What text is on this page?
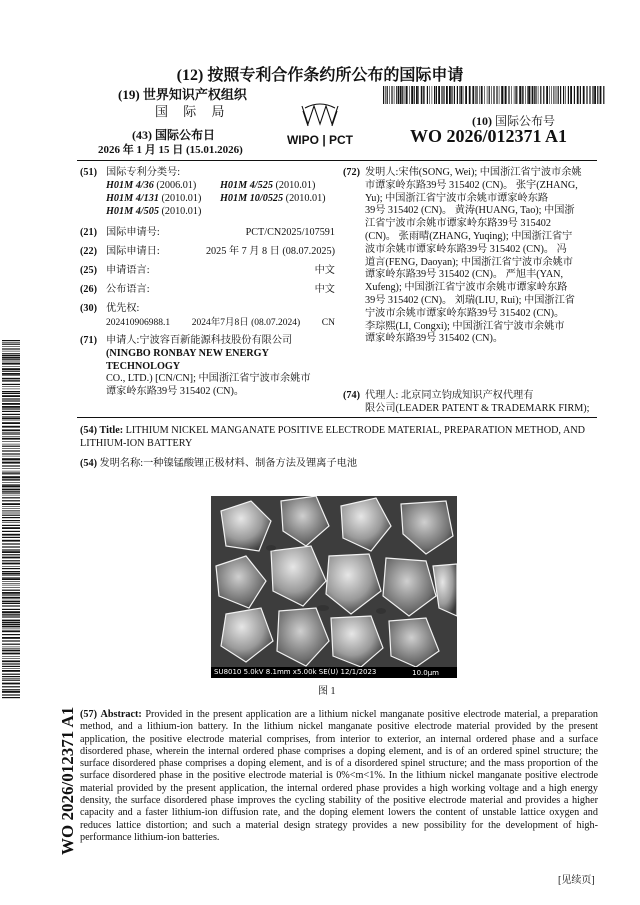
(12) 按照专利合作条约所公布的国际申请
(19) 世界知识产权组织
国 际 局
WIPO | PCT
(10) 国际公布号
WO 2026/012371 A1
(43) 国际公布日
2026 年 1 月 15 日 (15.01.2026)
(51) 国际专利分类号:
H01M 4/36 (2006.01)	H01M 4/525 (2010.01)
H01M 4/131 (2010.01)	H01M 10/0525 (2010.01)
H01M 4/505 (2010.01)
(21) 国际申请号:	PCT/CN2025/107591
(22) 国际申请日:	2025 年 7 月 8 日 (08.07.2025)
(25) 申请语言:	中文
(26) 公布语言:	中文
(30) 优先权:
202410906988.1 2024年7月8日 (08.07.2024) CN
(71) 申请人:宁波容百新能源科技股份有限公司
(NINGBO RONBAY NEW ENERGY TECHNOLOGY
CO., LTD.) [CN/CN]; 中国浙江省宁波市余姚市
谭家岭东路39号 315402 (CN)。
(72) 发明人:宋伟(SONG, Wei); 中国浙江省宁波市余姚
市谭家岭东路39号 315402 (CN)。 张宇(ZHANG,
Yu); 中国浙江省宁波市余姚市谭家岭东路
39号 315402 (CN)。 黄涛(HUANG, Tao); 中国浙
江省宁波市余姚市谭家岭东路39号 315402
(CN)。 张雨晴(ZHANG, Yuqing); 中国浙江省宁
波市余姚市谭家岭东路39号 315402 (CN)。 冯
道言(FENG, Daoyan); 中国浙江省宁波市余姚市
谭家岭东路39号 315402 (CN)。 严旭丰(YAN,
Xufeng); 中国浙江省宁波市余姚市谭家岭东路
39号 315402 (CN)。 刘瑞(LIU, Rui); 中国浙江省
宁波市余姚市谭家岭东路39号 315402 (CN)。
李琮熙(LI, Congxi); 中国浙江省宁波市余姚市
谭家岭东路39号 315402 (CN)。
(74) 代理人: 北京同立钧成知识产权代理有
限公司(LEADER PATENT & TRADEMARK FIRM);
(54) Title: LITHIUM NICKEL MANGANATE POSITIVE ELECTRODE MATERIAL, PREPARATION METHOD, AND LITHIUM-ION BATTERY
(54) 发明名称:一种镍锰酸锂正极材料、制备方法及锂离子电池
SU8010 5.0kV 8.1mm x5.00k SE(U) 12/1/2023	10.0μm
图 1
(57) Abstract: Provided in the present application are a lithium nickel manganate positive electrode material, a preparation method, and a lithium-ion battery. In the lithium nickel manganate positive electrode material provided by the present application, the positive electrode material comprises, from interior to exterior, an internal ordered phase and a surface disordered phase, wherein the internal ordered phase comprises a doping element, and is of an ordered spinel structure; the surface disordered phase comprises a doping element, and is of a disordered spinel structure; and the mass proportion of the surface disordered phase in the positive electrode material is 0%<m<1%. In the lithium nickel manganate positive electrode material provided by the present application, the internal ordered phase provides a high working voltage and a high energy density, the surface disordered phase improves the cycling stability of the positive electrode material and provides a higher capacity and a faster lithium-ion diffusion rate, and the doping element lowers the content of unstable lattice oxygen and reduces lattice distortion; and such a material design strategy provides a new possibility for the development of high-performance lithium-ion batteries.
WO 2026/012371 A1
[见续页]
